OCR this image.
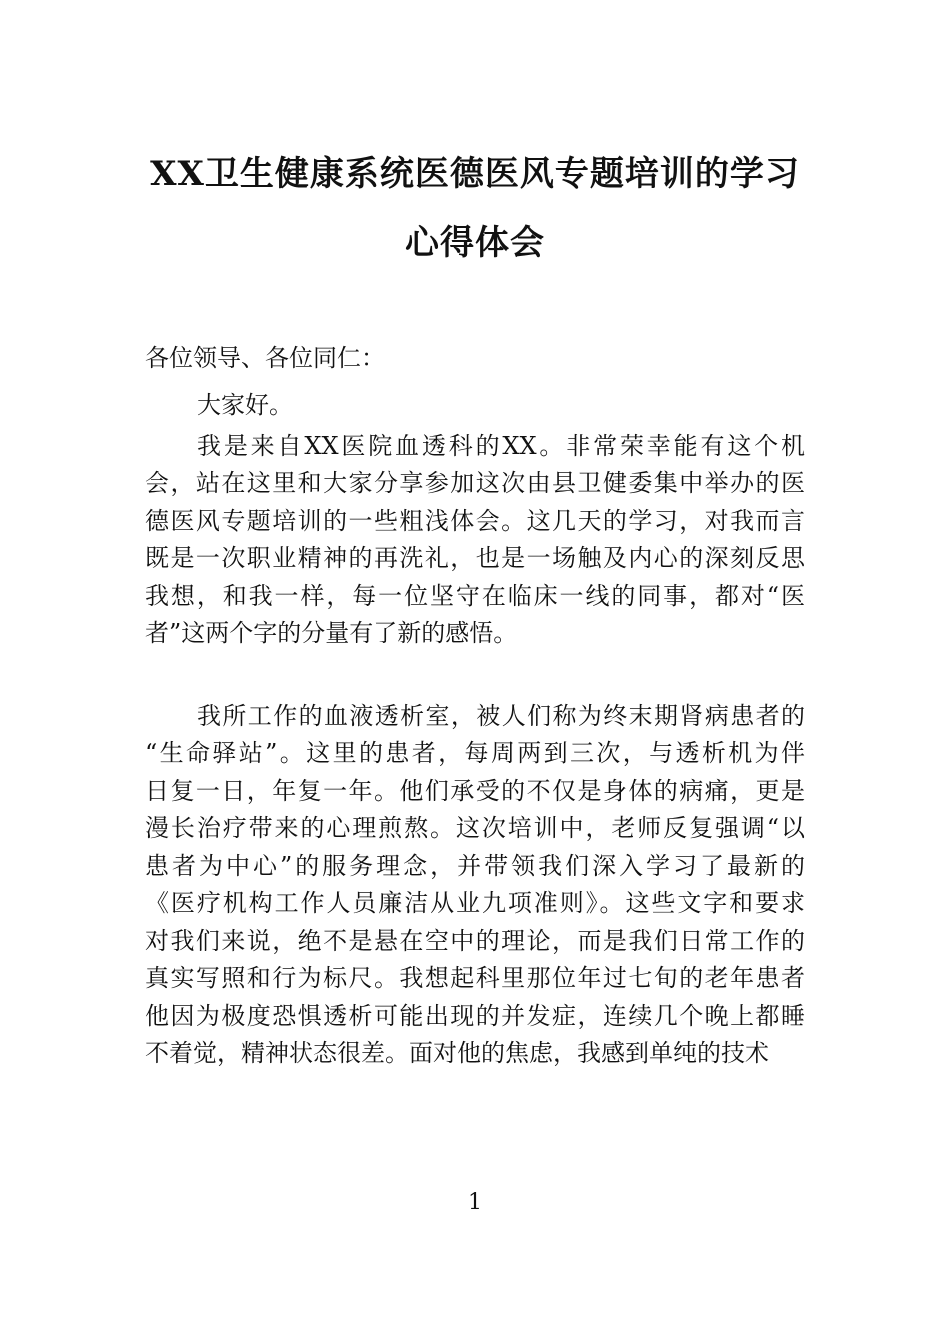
XX卫生健康系统医德医风专题培训的学习
心得体会
各位领导、各位同仁：
大家好。
我是来自XX医院血透科的XX。非常荣幸能有这个机
会，站在这里和大家分享参加这次由县卫健委集中举办的医
德医风专题培训的一些粗浅体会。这几天的学习，对我而言
既是一次职业精神的再洗礼，也是一场触及内心的深刻反思
我想，和我一样，每一位坚守在临床一线的同事，都对“医
者”这两个字的分量有了新的感悟。
我所工作的血液透析室，被人们称为终末期肾病患者的
“生命驿站”。这里的患者，每周两到三次，与透析机为伴
日复一日，年复一年。他们承受的不仅是身体的病痛，更是
漫长治疗带来的心理煎熬。这次培训中，老师反复强调“以
患者为中心”的服务理念，并带领我们深入学习了最新的
《医疗机构工作人员廉洁从业九项准则》。这些文字和要求
对我们来说，绝不是悬在空中的理论，而是我们日常工作的
真实写照和行为标尺。我想起科里那位年过七旬的老年患者
他因为极度恐惧透析可能出现的并发症，连续几个晚上都睡
不着觉，精神状态很差。面对他的焦虑，我感到单纯的技术
1
